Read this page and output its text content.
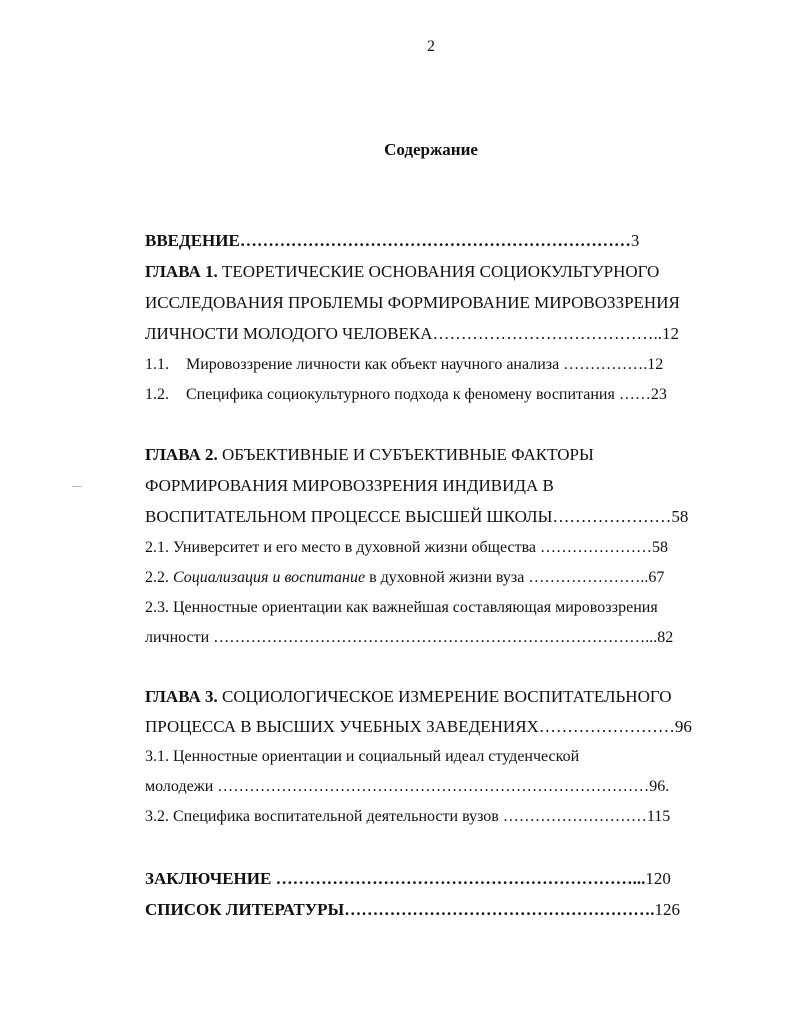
2
Содержание
ВВЕДЕНИЕ……………………………………………………………3
ГЛАВА 1. ТЕОРЕТИЧЕСКИЕ ОСНОВАНИЯ СОЦИОКУЛЬТУРНОГО
ИССЛЕДОВАНИЯ ПРОБЛЕМЫ ФОРМИРОВАНИЕ МИРОВОЗЗРЕНИЯ
ЛИЧНОСТИ МОЛОДОГО ЧЕЛОВЕКА…………………………………..12
1.1. Мировоззрение личности как объект научного анализа …………….12
1.2. Специфика социокультурного подхода к феномену воспитания ……23
ГЛАВА 2. ОБЪЕКТИВНЫЕ И СУБЪЕКТИВНЫЕ ФАКТОРЫ
ФОРМИРОВАНИЯ МИРОВОЗЗРЕНИЯ ИНДИВИДА В
ВОСПИТАТЕЛЬНОМ ПРОЦЕССЕ ВЫСШЕЙ ШКОЛЫ…………………58
2.1. Университет и его место в духовной жизни общества …………………58
2.2. Социализация и воспитание в духовной жизни вуза …………………..67
2.3. Ценностные ориентации как важнейшая составляющая мировоззрения
личности ………………………………………………………………………...82
ГЛАВА 3. СОЦИОЛОГИЧЕСКОЕ ИЗМЕРЕНИЕ ВОСПИТАТЕЛЬНОГО
ПРОЦЕССА В ВЫСШИХ УЧЕБНЫХ ЗАВЕДЕНИЯХ……………………96
3.1. Ценностные ориентации и социальный идеал студенческой
молодежи ………………………………………………………………………96.
3.2. Специфика воспитательной деятельности вузов ………………………115
ЗАКЛЮЧЕНИЕ ………………………………………………………...120
СПИСОК ЛИТЕРАТУРЫ……………………………………………….126
